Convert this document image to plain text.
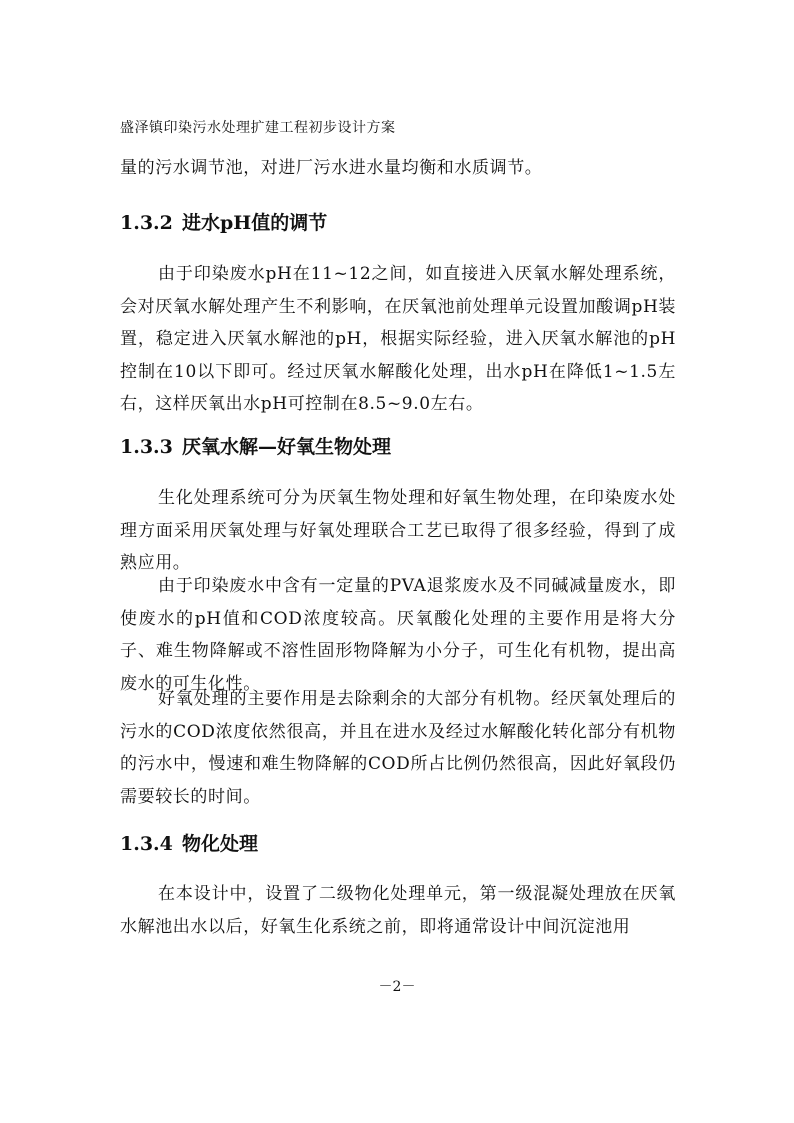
盛泽镇印染污水处理扩建工程初步设计方案

量的污水调节池，对进厂污水进水量均衡和水质调节。

1.3.2 进水pH值的调节

由于印染废水pH在11~12之间，如直接进入厌氧水解处理系统，会对厌氧水解处理产生不利影响，在厌氧池前处理单元设置加酸调pH装置，稳定进入厌氧水解池的pH，根据实际经验，进入厌氧水解池的pH控制在10以下即可。经过厌氧水解酸化处理，出水pH在降低1~1.5左右，这样厌氧出水pH可控制在8.5~9.0左右。

1.3.3 厌氧水解—好氧生物处理

生化处理系统可分为厌氧生物处理和好氧生物处理，在印染废水处理方面采用厌氧处理与好氧处理联合工艺已取得了很多经验，得到了成熟应用。

由于印染废水中含有一定量的PVA退浆废水及不同碱减量废水，即使废水的pH值和COD浓度较高。厌氧酸化处理的主要作用是将大分子、难生物降解或不溶性固形物降解为小分子，可生化有机物，提出高废水的可生化性。

好氧处理的主要作用是去除剩余的大部分有机物。经厌氧处理后的污水的COD浓度依然很高，并且在进水及经过水解酸化转化部分有机物的污水中，慢速和难生物降解的COD所占比例仍然很高，因此好氧段仍需要较长的时间。

1.3.4 物化处理

在本设计中，设置了二级物化处理单元，第一级混凝处理放在厌氧水解池出水以后，好氧生化系统之前，即将通常设计中间沉淀池用

－2－
